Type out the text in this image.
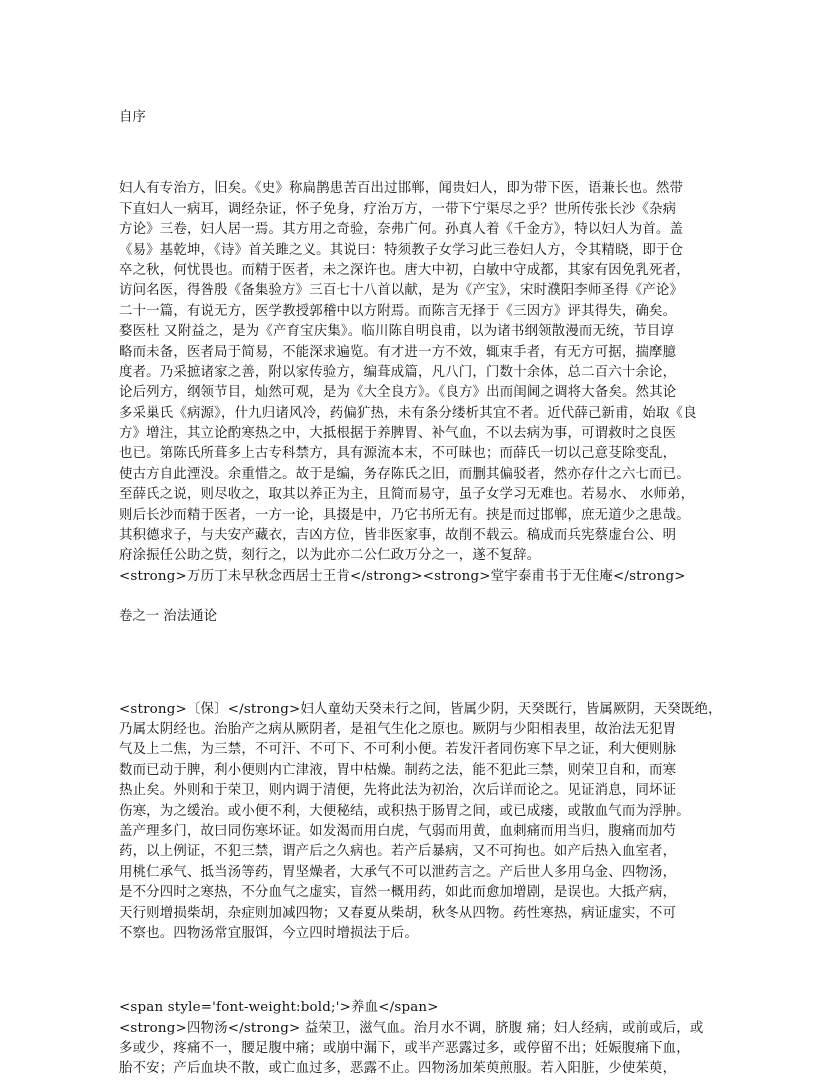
自序
妇人有专治方，旧矣。《史》称扁鹊患苦百出过邯郸，闻贵妇人，即为带下医，语兼长也。然带
下直妇人一病耳，调经杂证，怀子免身，疗治万方，一带下宁渠尽之乎？世所传张长沙《杂病
方论》三卷，妇人居一焉。其方用之奇验，奈弗广何。孙真人着《千金方》，特以妇人为首。盖
《易》基乾坤，《诗》首关雎之义。其说曰：特须教子女学习此三卷妇人方，令其精晓，即于仓
卒之秋，何忧畏也。而精于医者，未之深许也。唐大中初，白敏中守成都，其家有因免乳死者，
访问名医，得昝殷《备集验方》三百七十八首以献，是为《产宝》，宋时濮阳李师圣得《产论》
二十一篇，有说无方，医学教授郭稽中以方附焉。而陈言无择于《三因方》评其得失，确矣。
婺医杜 又附益之，是为《产育宝庆集》。临川陈自明良甫，以为诸书纲领散漫而无统，节目谆
略而未备，医者局于简易，不能深求遍览。有才进一方不效，辄束手者，有无方可据，揣摩臆
度者。乃采摭诸家之善，附以家传验方，编葺成篇，凡八门，门数十余体，总二百六十余论，
论后列方，纲领节目，灿然可观，是为《大全良方》。《良方》出而闺阃之调将大备矣。然其论
多采巢氏《病源》，什九归诸风冷，药偏犷热，未有条分缕析其宜不者。近代薛己新甫，始取《良
方》增注，其立论酌寒热之中，大抵根据于养脾胃、补气血，不以去病为事，可谓救时之良医
也已。第陈氏所葺多上古专科禁方，具有源流本末，不可昧也；而薛氏一切以己意芟除变乱，
使古方自此湮没。余重惜之。故于是编，务存陈氏之旧，而删其偏驳者，然亦存什之六七而已。
至薛氏之说，则尽收之，取其以养正为主，且简而易守，虽子女学习无难也。若易水、 水师弟，
则后长沙而精于医者，一方一论，具掇是中，乃它书所无有。挟是而过邯郸，庶无道少之患哉。
其积德求子，与夫安产藏衣，吉凶方位，皆非医家事，故削不载云。稿成而兵宪蔡虚台公、明
府涂振任公助之赀，刻行之，以为此亦二公仁政万分之一，遂不复辞。
<strong>万历丁未早秋念西居士王肯</strong><strong>堂宇泰甫书于无住庵</strong>
卷之一 治法通论
<strong>〔保〕</strong>妇人童幼天癸未行之间，皆属少阴，天癸既行，皆属厥阴，天癸既绝，
乃属太阴经也。治胎产之病从厥阴者，是祖气生化之原也。厥阴与少阳相表里，故治法无犯胃
气及上二焦，为三禁，不可汗、不可下、不可利小便。若发汗者同伤寒下早之证，利大便则脉
数而已动于脾，利小便则内亡津液，胃中枯燥。制药之法，能不犯此三禁，则荣卫自和，而寒
热止矣。外则和于荣卫，则内调于清便，先将此法为初治，次后详而论之。见证消息，同坏证
伤寒，为之缓治。或小便不利，大便秘结，或积热于肠胃之间，或已成瘘，或散血气而为浮肿。
盖产理多门，故曰同伤寒坏证。如发渴而用白虎，气弱而用黄，血刺痛而用当归，腹痛而加芍
药，以上例证，不犯三禁，谓产后之久病也。若产后暴病，又不可拘也。如产后热入血室者，
用桃仁承气、抵当汤等药，胃坚燥者，大承气不可以泄药言之。产后世人多用乌金、四物汤，
是不分四时之寒热，不分血气之虚实，盲然一概用药，如此而愈加增剧，是误也。大抵产病，
天行则增损柴胡，杂症则加减四物；又春夏从柴胡，秋冬从四物。药性寒热，病证虚实，不可
不察也。四物汤常宜服饵，今立四时增损法于后。
<span style='font-weight:bold;'>养血</span>
<strong>四物汤</strong> 益荣卫，滋气血。治月水不调，脐腹 痛；妇人经病，或前或后，或
多或少，疼痛不一，腰足腹中痛；或崩中漏下，或半产恶露过多，或停留不出；妊娠腹痛下血，
胎不安；产后血块不散，或亡血过多，恶露不止。四物汤加茱萸煎服。若入阳脏，少使茱萸，
